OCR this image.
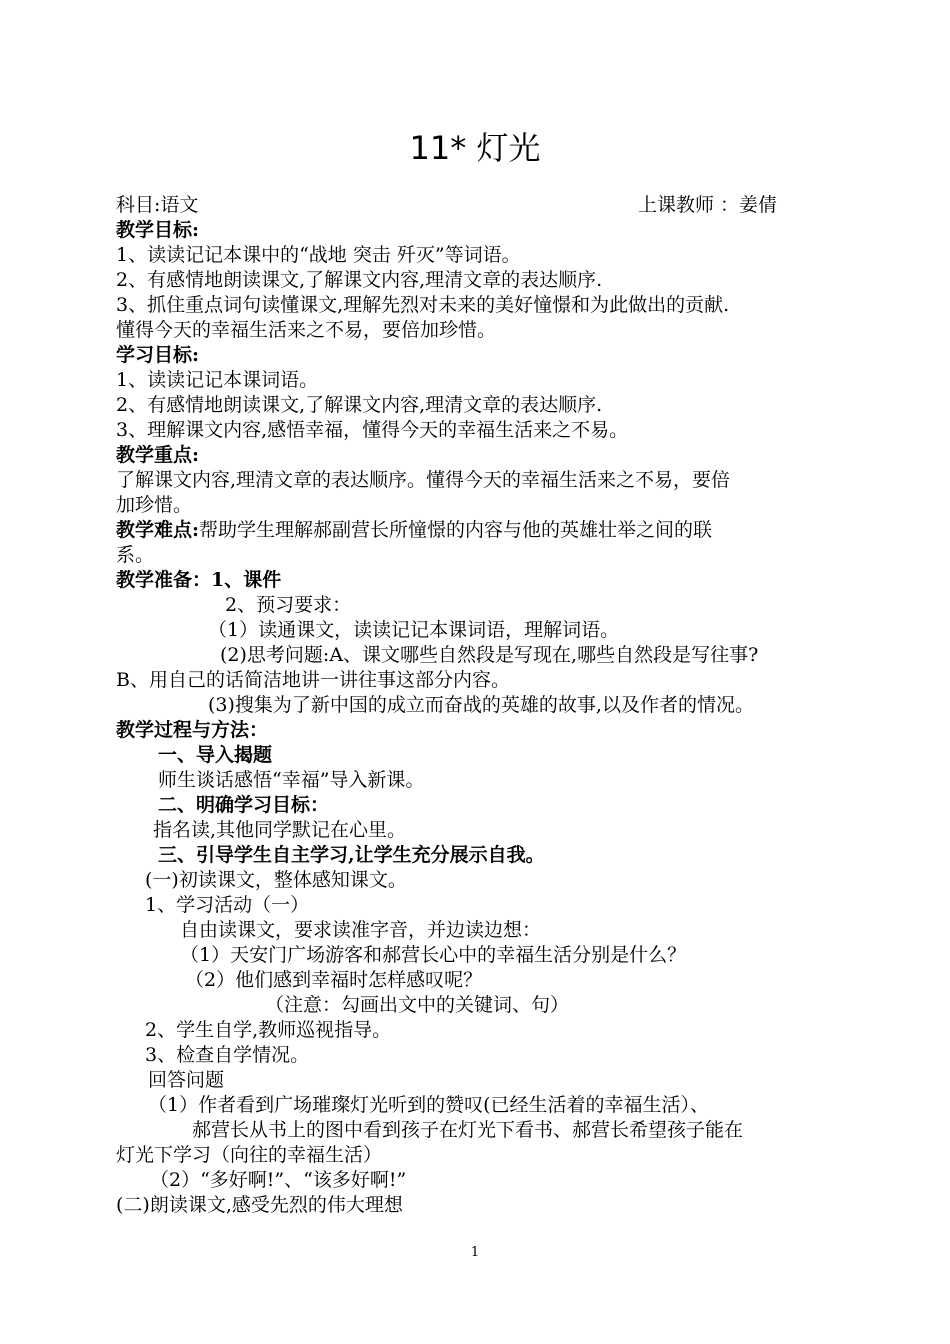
11* 灯光
科目:语文	上课教师 ：姜倩
教学目标:
1、读读记记本课中的“战地 突击 歼灭”等词语。
2、有感情地朗读课文,了解课文内容,理清文章的表达顺序.
3、抓住重点词句读懂课文,理解先烈对未来的美好憧憬和为此做出的贡献.
懂得今天的幸福生活来之不易，要倍加珍惜。
学习目标:
1、读读记记本课词语。
2、有感情地朗读课文,了解课文内容,理清文章的表达顺序.
3、理解课文内容,感悟幸福，懂得今天的幸福生活来之不易。
教学重点:
了解课文内容,理清文章的表达顺序。懂得今天的幸福生活来之不易，要倍
加珍惜。
教学难点:帮助学生理解郝副营长所憧憬的内容与他的英雄壮举之间的联
系。
教学准备：1、课件
2、预习要求：
（1）读通课文，读读记记本课词语，理解词语。
(2)思考问题:A、课文哪些自然段是写现在,哪些自然段是写往事?
B、用自己的话简洁地讲一讲往事这部分内容。
(3)搜集为了新中国的成立而奋战的英雄的故事,以及作者的情况。
教学过程与方法：
一、导入揭题
师生谈话感悟“幸福”导入新课。
二、明确学习目标：
指名读,其他同学默记在心里。
三、引导学生自主学习,让学生充分展示自我。
(一)初读课文，整体感知课文。
1、学习活动（一）
自由读课文，要求读准字音，并边读边想：
（1）天安门广场游客和郝营长心中的幸福生活分别是什么？
（2）他们感到幸福时怎样感叹呢？
（注意：勾画出文中的关键词、句）
2、学生自学,教师巡视指导。
3、检查自学情况。
回答问题
（1）作者看到广场璀璨灯光听到的赞叹(已经生活着的幸福生活）、
郝营长从书上的图中看到孩子在灯光下看书、郝营长希望孩子能在
灯光下学习（向往的幸福生活）
（2）“多好啊!”、“该多好啊!”
(二)朗读课文,感受先烈的伟大理想
1
